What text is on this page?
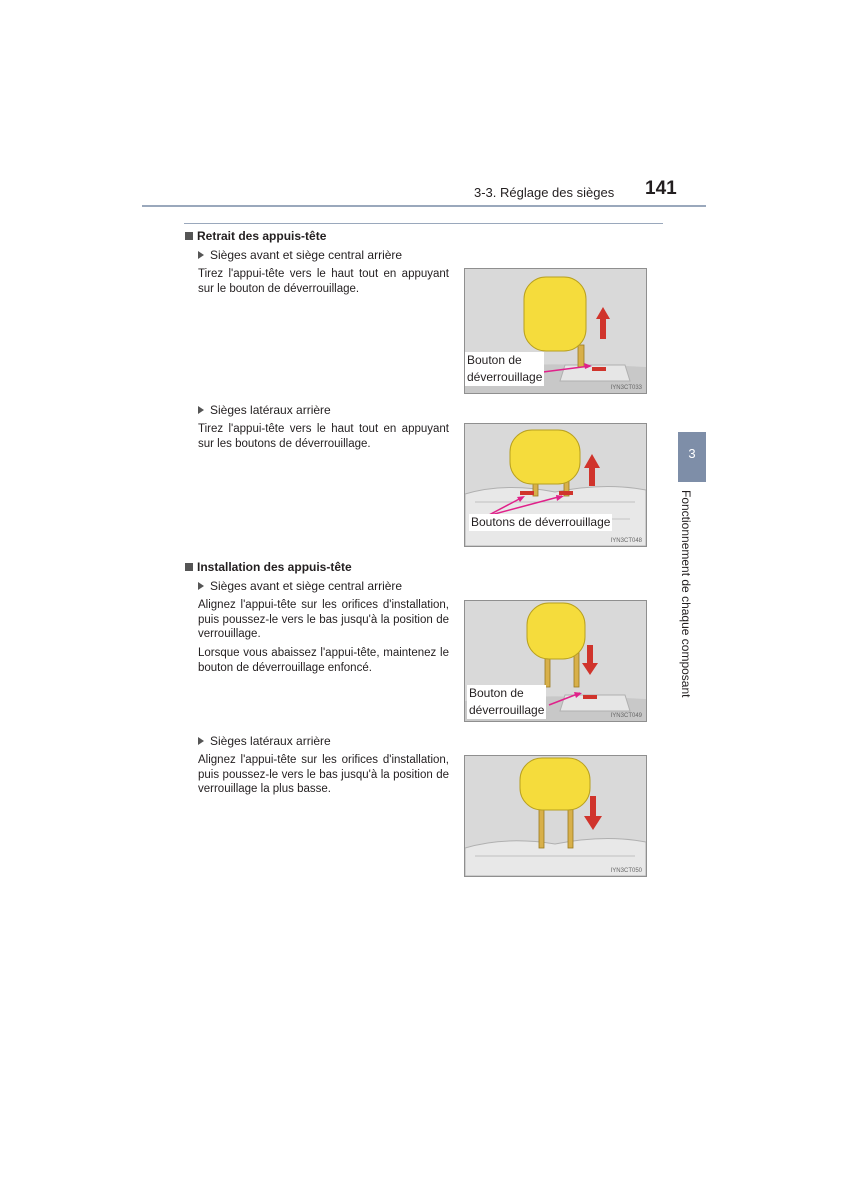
3-3. Réglage des sièges 141
3
Fonctionnement de chaque composant
Retrait des appuis-tête
Sièges avant et siège central arrière
Tirez l'appui-tête vers le haut tout en appuyant sur le bouton de déverrouillage.
Bouton de
déverrouillage
IYN3CT033
Sièges latéraux arrière
Tirez l'appui-tête vers le haut tout en appuyant sur les boutons de déverrouillage.
Boutons de déverrouillage
IYN3CT048
Installation des appuis-tête
Sièges avant et siège central arrière
Alignez l'appui-tête sur les orifices d'installation, puis poussez-le vers le bas jusqu'à la position de verrouillage.
Lorsque vous abaissez l'appui-tête, maintenez le bouton de déverrouillage enfoncé.
Bouton de
déverrouillage	IYN3CT049
Sièges latéraux arrière
Alignez l'appui-tête sur les orifices d'installation, puis poussez-le vers le bas jusqu'à la position de verrouillage la plus basse.
IYN3CT050
